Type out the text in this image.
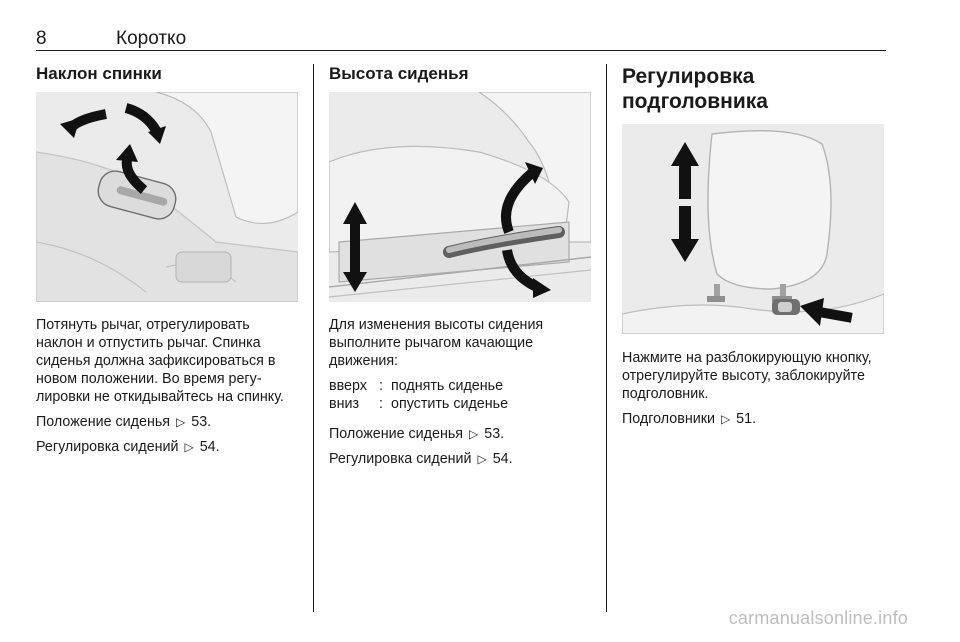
8	Коротко
Наклон спинки

Потянуть рычаг, отрегулировать наклон и отпустить рычаг. Спинка сиденья должна зафиксироваться в новом положении. Во время регулировки не откидывайтесь на спинку.

Положение сиденья ▷ 53.
Регулировка сидений ▷ 54.
Высота сиденья

Для изменения высоты сидения выполните рычагом качающие движения:

вверх	:	поднять сиденье
вниз	:	опустить сиденье
Положение сиденья ▷ 53.
Регулировка сидений ▷ 54.
Регулировка
подголовника

Нажмите на разблокирующую кнопку, отрегулируйте высоту, заблокируйте подголовник.

Подголовники ▷ 51.
carmanualsonline.info
